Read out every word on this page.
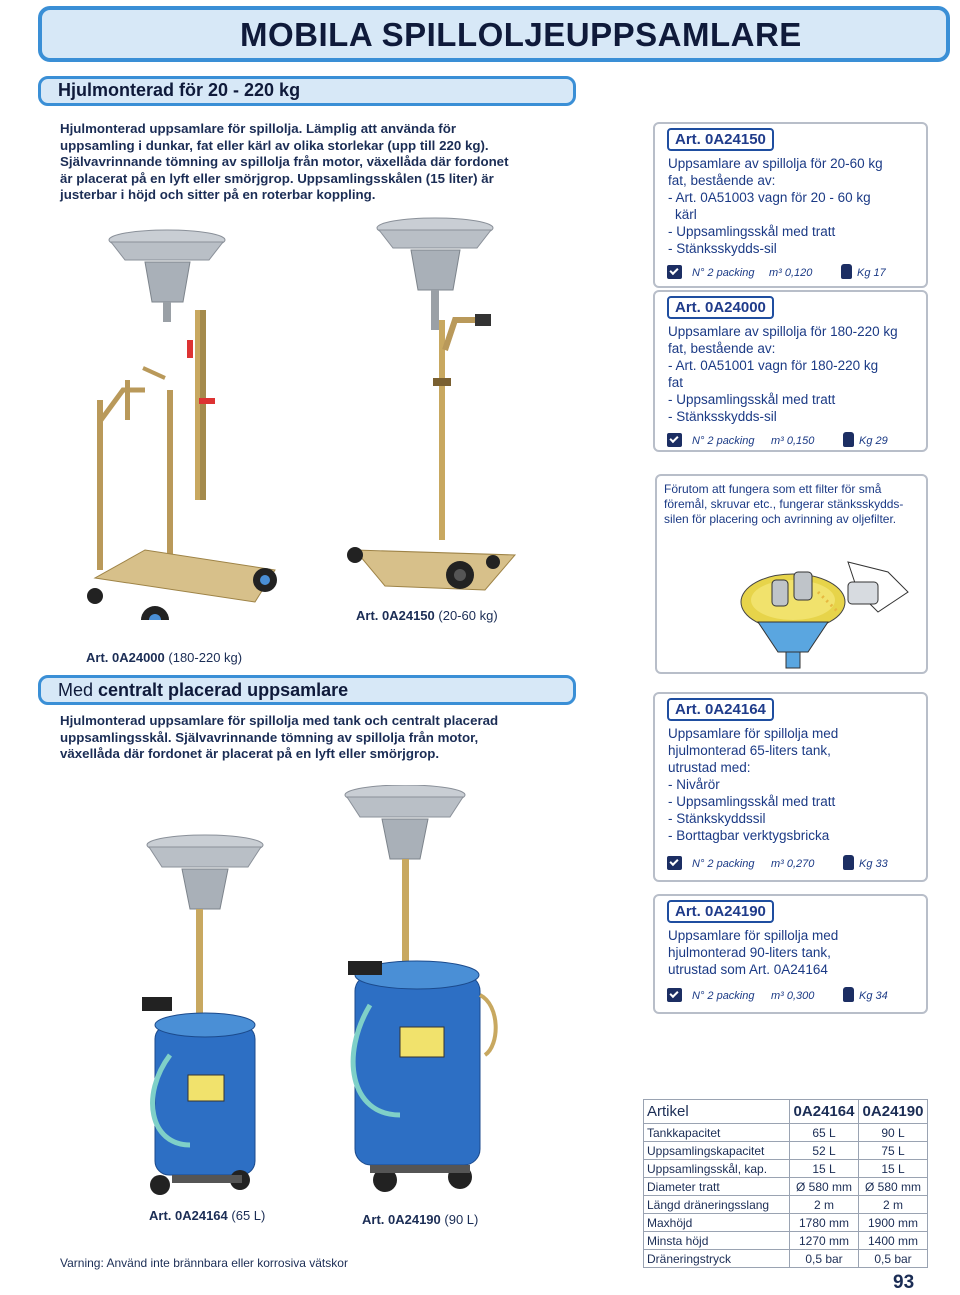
MOBILA SPILLOLJEUPPSAMLARE
Hjulmonterad för 20 - 220 kg
Hjulmonterad uppsamlare för spillolja. Lämplig att använda för
uppsamling i dunkar, fat eller kärl av olika storlekar (upp till 220 kg).
Självavrinnande tömning av spillolja från motor, växellåda där fordonet
är placerat på en lyft eller smörjgrop. Uppsamlingsskålen (15 liter) är
justerbar i höjd och sitter på en roterbar koppling.
Art. 0A24150
Uppsamlare av spillolja för 20-60 kg
fat, bestående av:
- Art. 0A51003 vagn för 20 - 60 kg
kärl
- Uppsamlingsskål med tratt
- Stänksskydds-sil
N° 2 packing m³ 0,120	Kg 17
Art. 0A24000
Uppsamlare av spillolja för 180-220 kg
fat, bestående av:
- Art. 0A51001 vagn för 180-220 kg
fat
- Uppsamlingsskål med tratt
- Stänksskydds-sil
N° 2 packing m³ 0,150	Kg 29
Förutom att fungera som ett filter för små
föremål, skruvar etc., fungerar stänksskydds-
silen för placering och avrinning av oljefilter.
Art. 0A24150 (20-60 kg)
Art. 0A24000 (180-220 kg)
Med centralt placerad uppsamlare
Hjulmonterad uppsamlare för spillolja med tank och centralt placerad
uppsamlingsskål. Självavrinnande tömning av spillolja från motor,
växellåda där fordonet är placerat på en lyft eller smörjgrop.
Art. 0A24164 (65 L)	Art. 0A24190 (90 L)
Art. 0A24164
Uppsamlare för spillolja med
hjulmonterad 65-liters tank,
utrustad med:
- Nivårör
- Uppsamlingsskål med tratt
- Stänkskyddssil
- Borttagbar verktygsbricka
N° 2 packing m³ 0,270	Kg 33
Art. 0A24190
Uppsamlare för spillolja med
hjulmonterad 90-liters tank,
utrustad som Art. 0A24164
N° 2 packing m³ 0,300	Kg 34
Artikel	0A24164	0A24190
Tankkapacitet	65 L	90 L
Uppsamlingskapacitet	52 L	75 L
Uppsamlingsskål, kap.	15 L	15 L
Diameter tratt	Ø 580 mm	Ø 580 mm
Längd dräneringsslang	2 m	2 m
Maxhöjd	1780 mm	1900 mm
Minsta höjd	1270 mm	1400 mm
Dräneringstryck	0,5 bar	0,5 bar
Varning: Använd inte brännbara eller korrosiva vätskor
93
